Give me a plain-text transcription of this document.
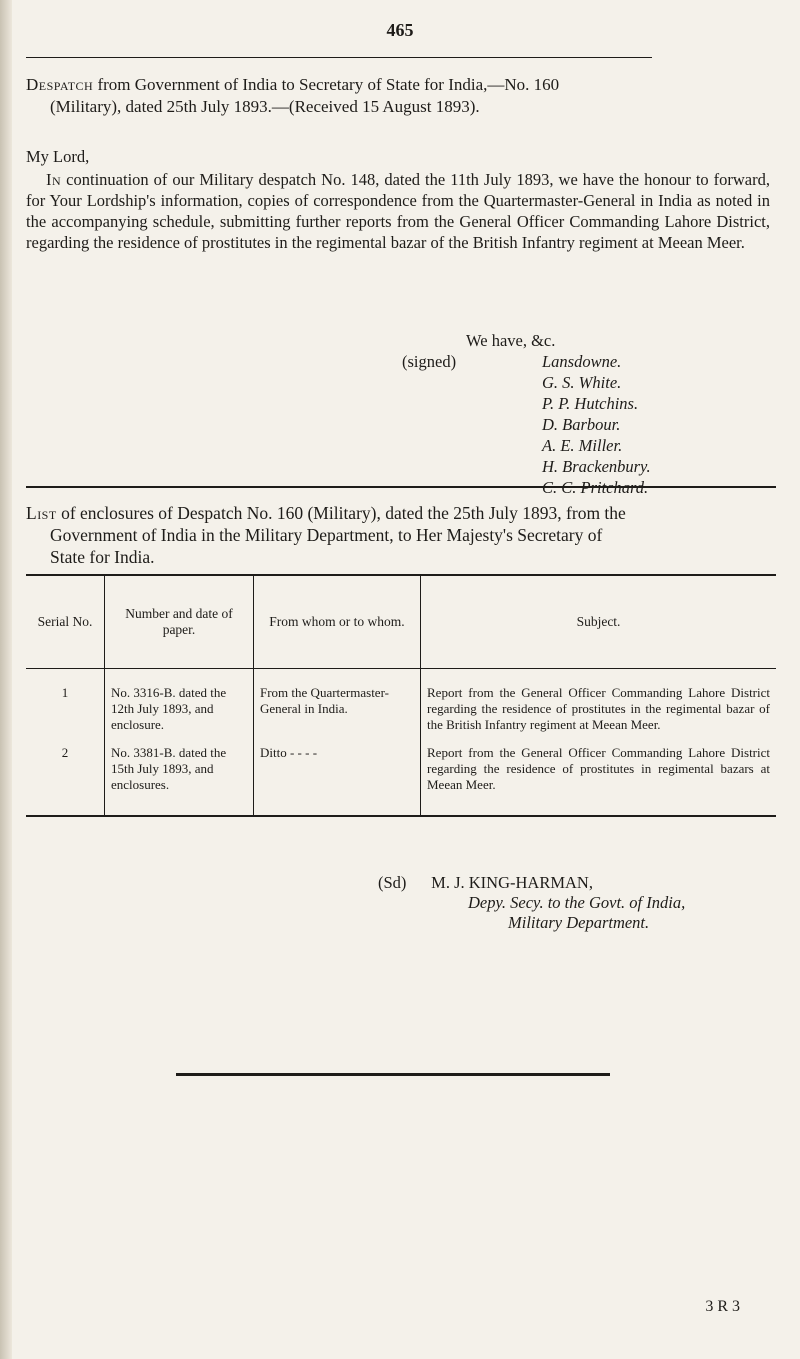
465
Despatch from Government of India to Secretary of State for India,—No. 160
(Military), dated 25th July 1893.—(Received 15 August 1893).

My Lord,

In continuation of our Military despatch No. 148, dated the 11th July 1893, we have the honour to forward, for Your Lordship's information, copies of correspondence from the Quartermaster-General in India as noted in the accompanying schedule, submitting further reports from the General Officer Commanding Lahore District, regarding the residence of prostitutes in the regimental bazar of the British Infantry regiment at Meean Meer.

We have, &c.
(signed)	Lansdowne.
G. S. White.
P. P. Hutchins.
D. Barbour.
A. E. Miller.
H. Brackenbury.
List of enclosures of Despatch No. 160 (Military), dated the 25th July 1893, from the
Government of India in the Military Department, to Her Majesty's Secretary of
State for India.
Serial No.	Number and date of paper.	From whom or to whom.	Subject.
1	No. 3316-B. dated the 12th July 1893, and enclosure.	From the Quartermaster-General in India.	Report from the General Officer Commanding Lahore District regarding the residence of prostitutes in the regimental bazar of the British Infantry regiment at Meean Meer.
2	No. 3381-B. dated the 15th July 1893, and enclosures.	Ditto - - - -	Report from the General Officer Commanding Lahore District regarding the residence of prostitutes in regimental bazars at Meean Meer.
(Sd)      M. J. KING-HARMAN,
Depy. Secy. to the Govt. of India,
Military Department.
3 R 3
